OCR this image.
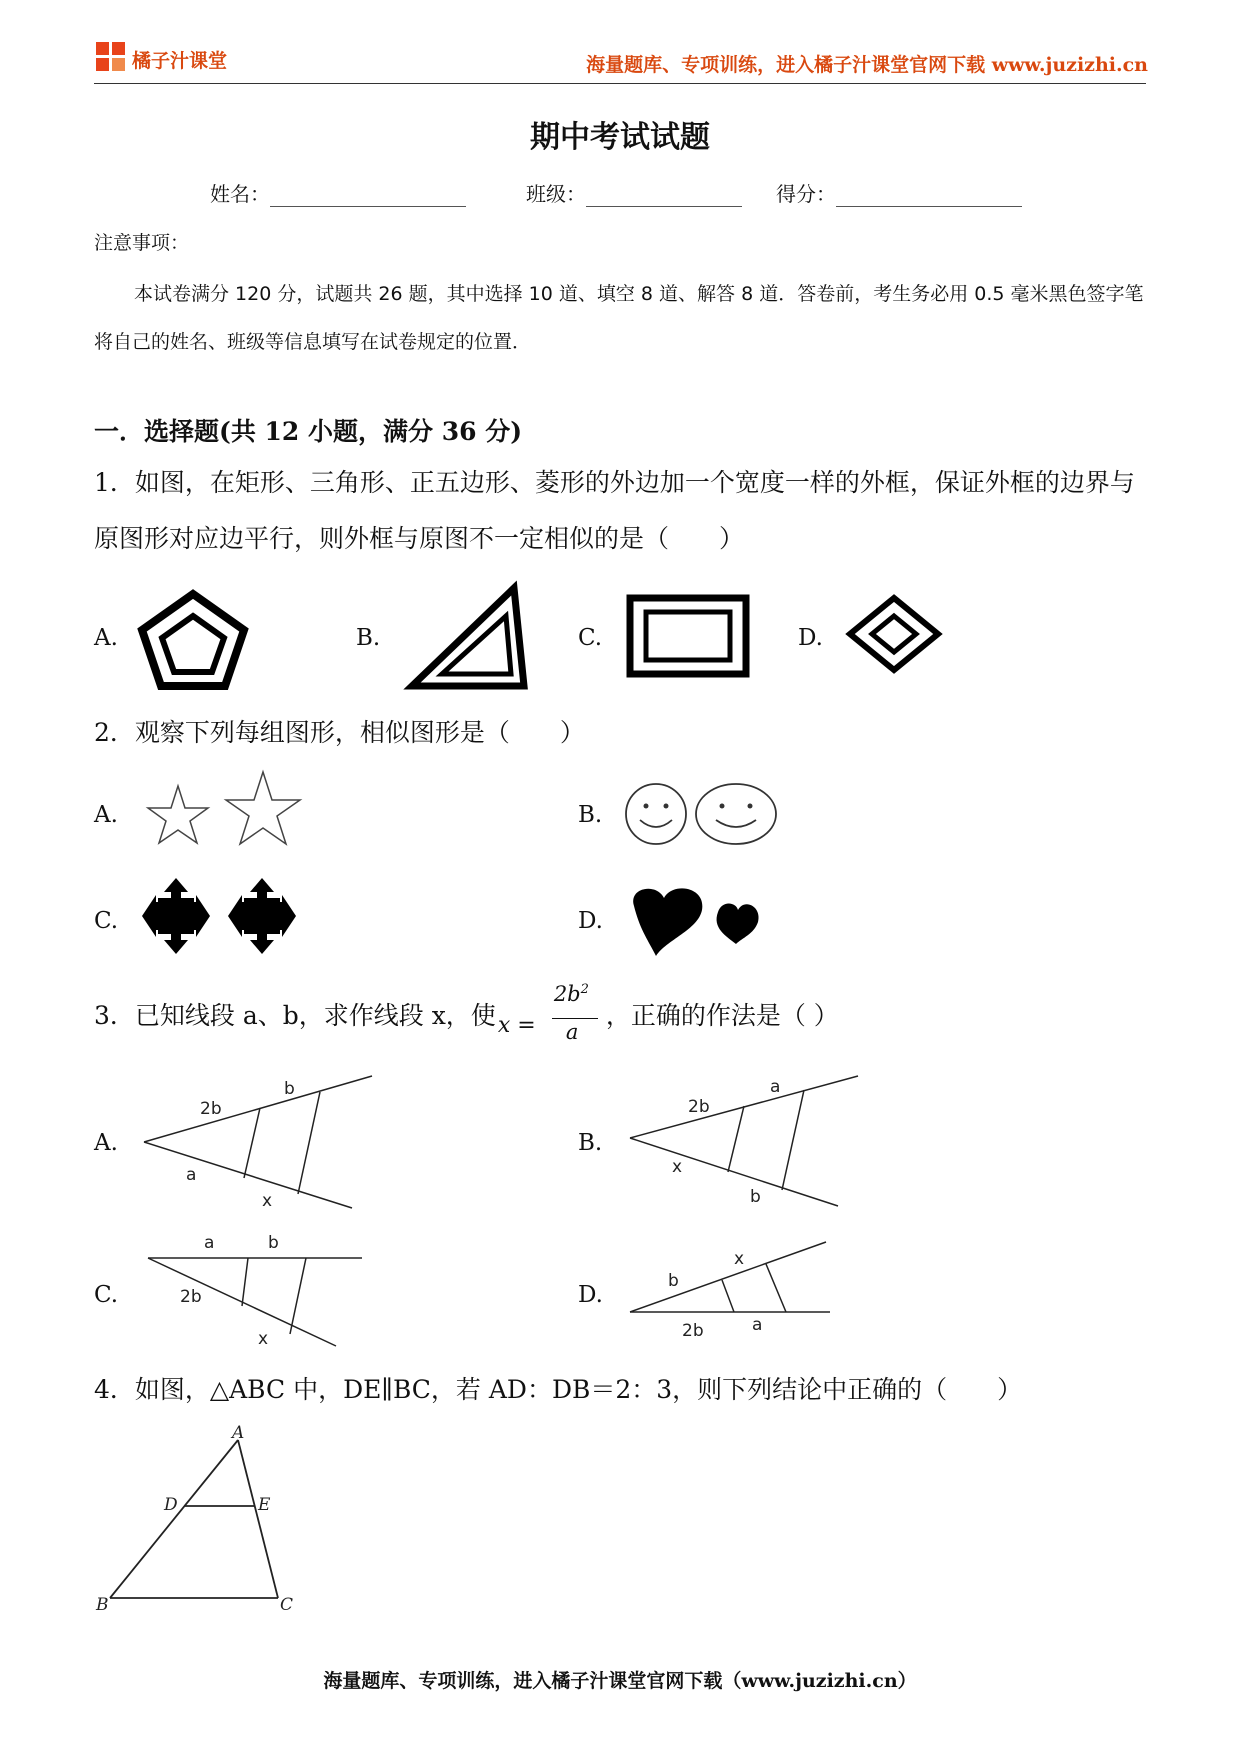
橘子汁课堂	海量题库、专项训练，进入橘子汁课堂官网下载 www.juzizhi.cn
期中考试试题
姓名：	班级：	得分：
注意事项：
本试卷满分 120 分，试题共 26 题，其中选择 10 道、填空 8 道、解答 8 道．答卷前，考生务必用 0.5 毫米黑色签字笔将自己的姓名、班级等信息填写在试卷规定的位置．
一．选择题(共 12 小题，满分 36 分)
1．如图，在矩形、三角形、正五边形、菱形的外边加一个宽度一样的外框，保证外框的边界与原图形对应边平行，则外框与原图不一定相似的是（　　）
A.	B.	C.	D.
2．观察下列每组图形，相似图形是（　　）
A.	B.
C.	D.
3．已知线段 a、b，求作线段 x，使 x =
$2b^2$
a
，正确的作法是（ ）
A.	B.
C.	D.
2b
b
a
x
2b
a
x
b
a	b
2b
x
b
x
2b	a
4．如图，△ABC 中，DE∥BC，若 AD：DB＝2：3，则下列结论中正确的（　　）
A
D	E
B	C
海量题库、专项训练，进入橘子汁课堂官网下载（www.juzizhi.cn）
